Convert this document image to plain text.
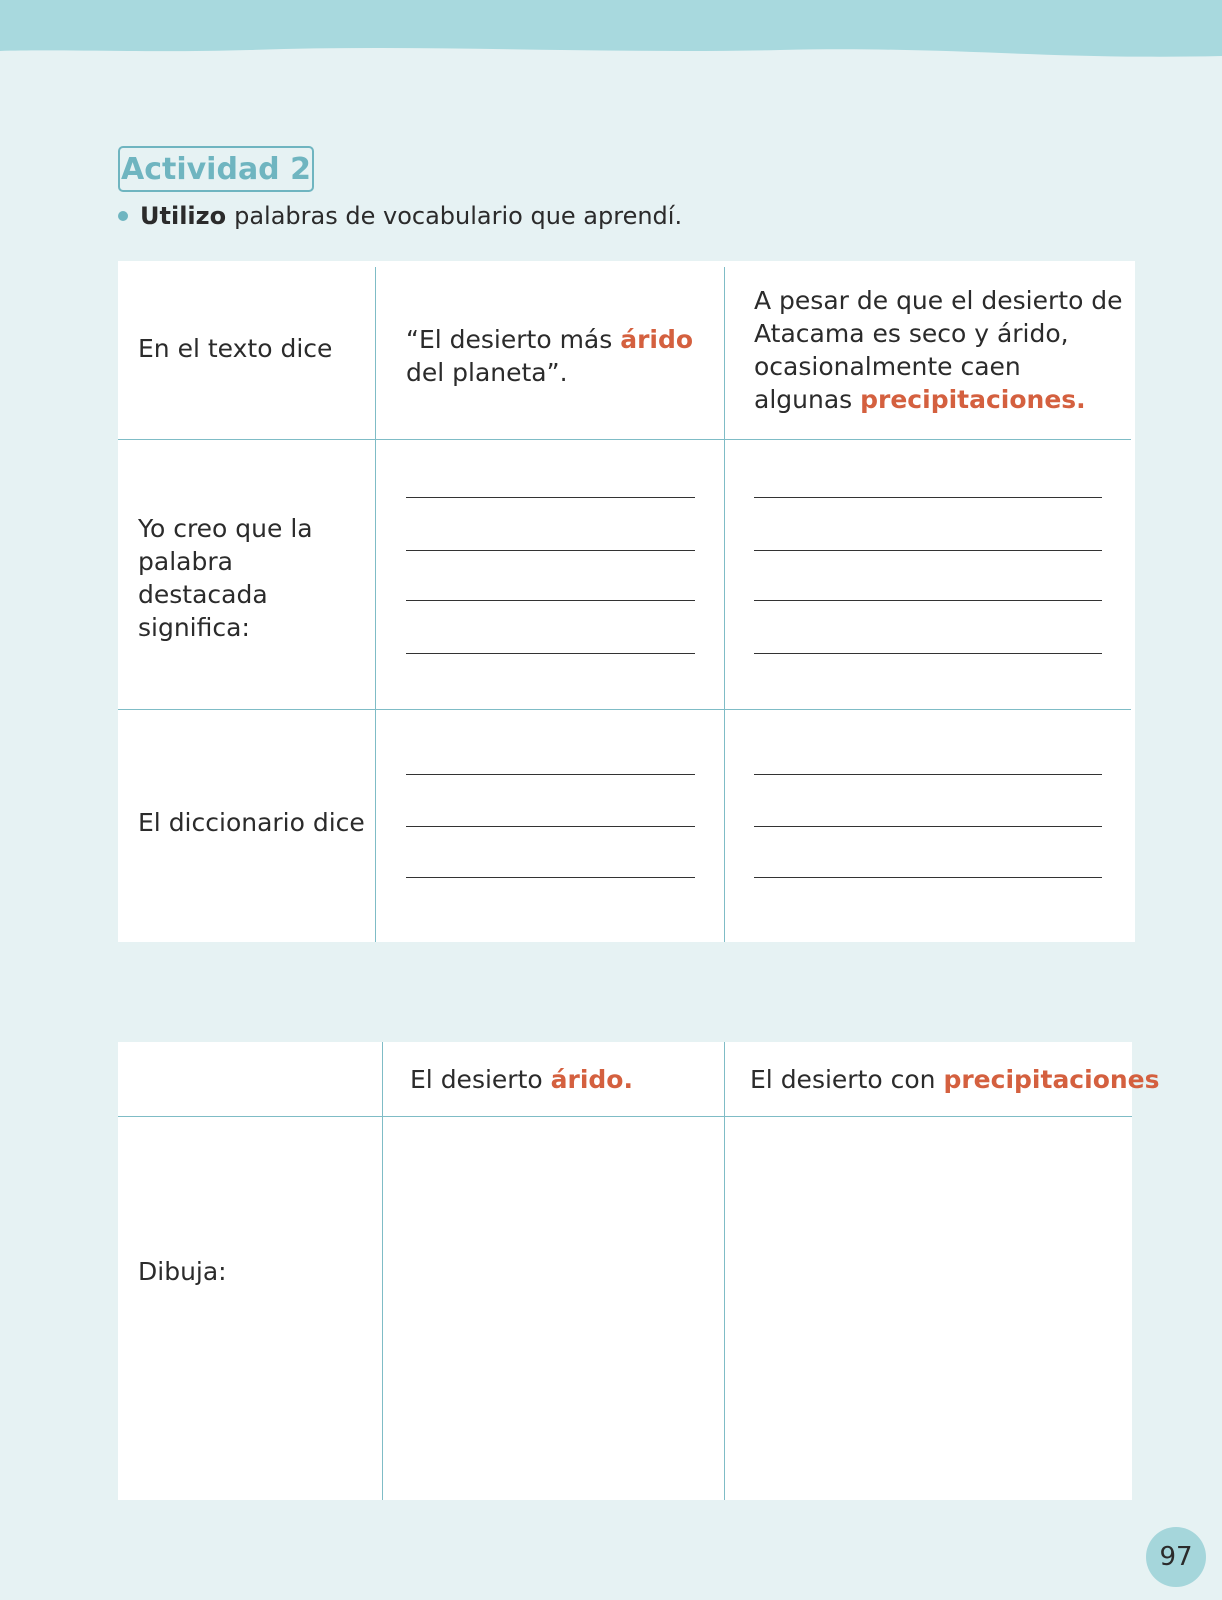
Actividad 2
Utilizo palabras de vocabulario que aprendí.
En el texto dice
Yo creo que la palabra destacada significa:
El diccionario dice
“El desierto más árido del planeta”.
A pesar de que el desierto de Atacama es seco y árido, ocasionalmente caen algunas precipitaciones.
El desierto árido.	El desierto con precipitaciones
Dibuja:
97
